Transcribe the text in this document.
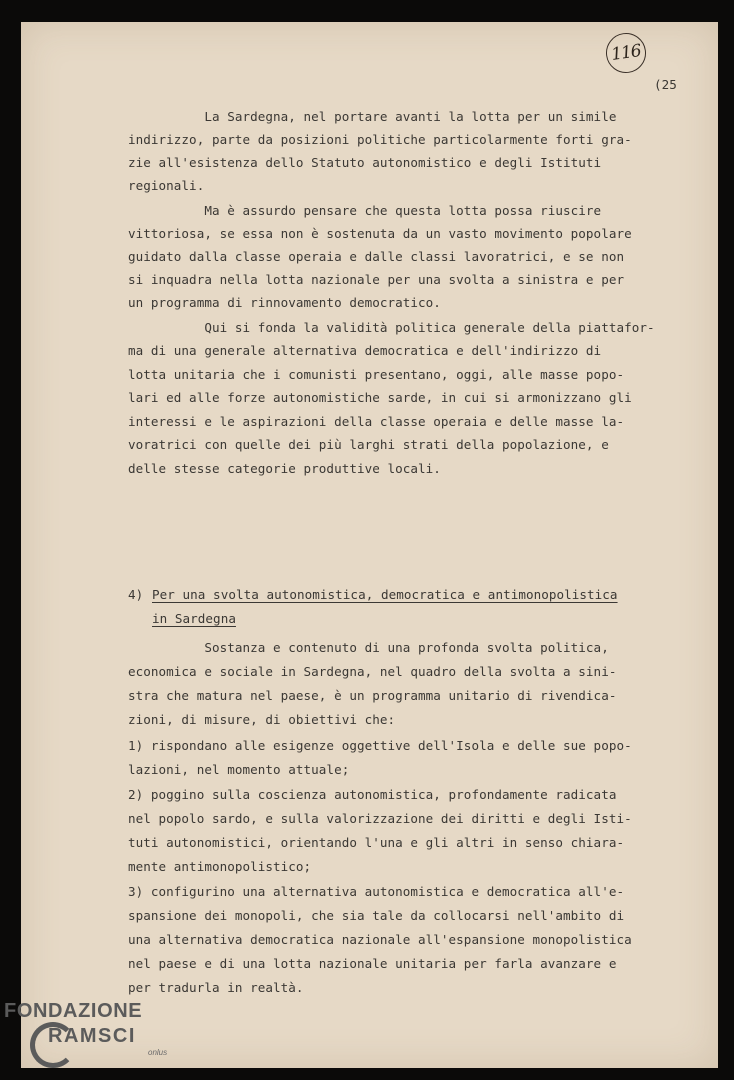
116
(25
La Sardegna, nel portare avanti la lotta per un simile
indirizzo, parte da posizioni politiche particolarmente forti gra-
zie all'esistenza dello Statuto autonomistico e degli Istituti
regionali.
Ma è assurdo pensare che questa lotta possa riuscire
vittoriosa, se essa non è sostenuta da un vasto movimento popolare
guidato dalla classe operaia e dalle classi lavoratrici, e se non
si inquadra nella lotta nazionale per una svolta a sinistra e per
un programma di rinnovamento democratico.
Qui si fonda la validità politica generale della piattafor-
ma di una generale alternativa democratica e dell'indirizzo di
lotta unitaria che i comunisti presentano, oggi, alle masse popo-
lari ed alle forze autonomistiche sarde, in cui si armonizzano gli
interessi e le aspirazioni della classe operaia e delle masse la-
voratrici con quelle dei più larghi strati della popolazione, e
delle stesse categorie produttive locali.
4) Per una svolta autonomistica, democratica e antimonopolistica
in Sardegna
Sostanza e contenuto di una profonda svolta politica,
economica e sociale in Sardegna, nel quadro della svolta a sini-
stra che matura nel paese, è un programma unitario di rivendica-
zioni, di misure, di obiettivi che:
1) rispondano alle esigenze oggettive dell'Isola e delle sue popo-
lazioni, nel momento attuale;
2) poggino sulla coscienza autonomistica, profondamente radicata
nel popolo sardo, e sulla valorizzazione dei diritti e degli Isti-
tuti autonomistici, orientando l'una e gli altri in senso chiara-
mente antimonopolistico;
3) configurino una alternativa autonomistica e democratica all'e-
spansione dei monopoli, che sia tale da collocarsi nell'ambito di
una alternativa democratica nazionale all'espansione monopolistica
nel paese e di una lotta nazionale unitaria per farla avanzare e
per tradurla in realtà.
FONDAZIONE
RAMSCI
onlus
